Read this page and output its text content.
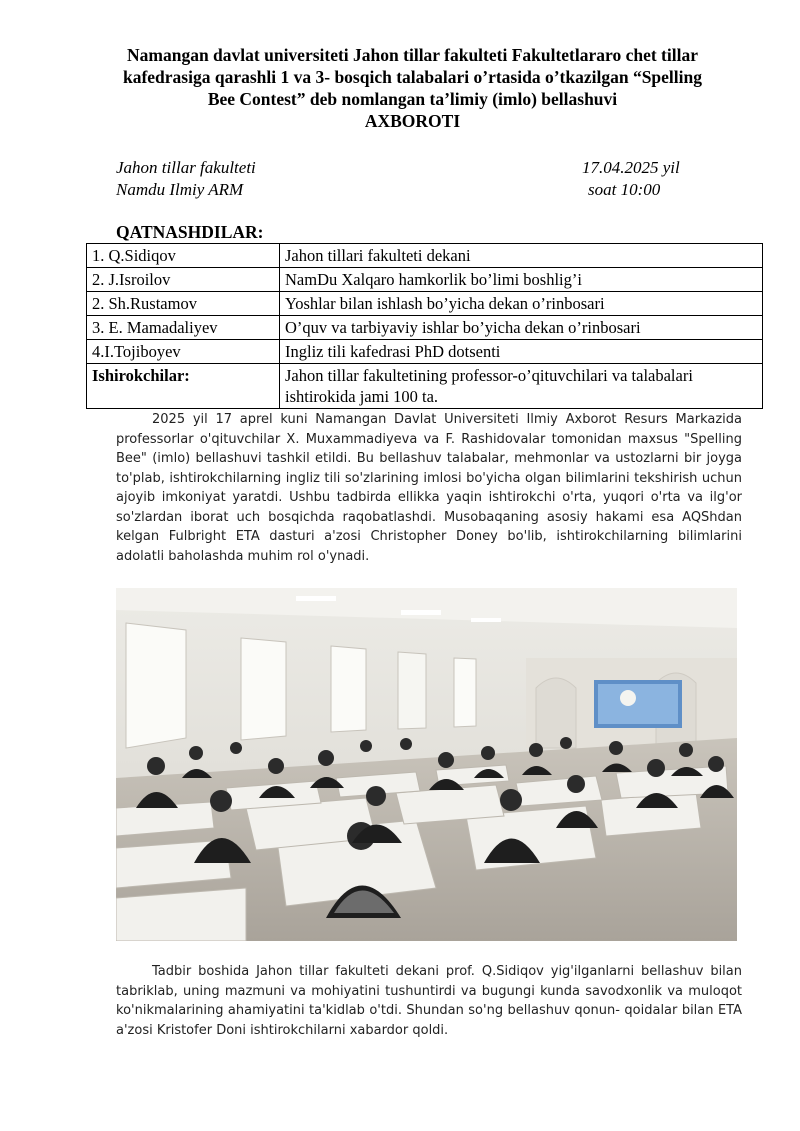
Namangan davlat universiteti Jahon tillar fakulteti Fakultetlararo chet tillar
kafedrasiga qarashli 1 va 3- bosqich talabalari o’rtasida o’tkazilgan “Spelling
Bee Contest” deb nomlangan ta’limiy (imlo) bellashuvi
AXBOROTI
Jahon tillar fakulteti
Namdu Ilmiy ARM
17.04.2025 yil
soat 10:00
QATNASHDILAR:
1. Q.Sidiqov	Jahon tillari fakulteti dekani
2. J.Isroilov	NamDu Xalqaro hamkorlik bo’limi boshlig’i
2. Sh.Rustamov	Yoshlar bilan ishlash bo’yicha dekan o’rinbosari
3. E. Mamadaliyev	O’quv va tarbiyaviy ishlar bo’yicha dekan o’rinbosari
4.I.Tojiboyev	Ingliz tili kafedrasi PhD dotsenti
Ishirokchilar:	Jahon tillar fakultetining professor-o’qituvchilari va talabalari ishtirokida jami 100 ta.

2025 yil 17 aprel kuni Namangan Davlat Universiteti Ilmiy Axborot Resurs Markazida professorlar o'qituvchilar X. Muxammadiyeva va F. Rashidovalar tomonidan maxsus "Spelling Bee" (imlo) bellashuvi tashkil etildi. Bu bellashuv talabalar, mehmonlar va ustozlarni bir joyga to'plab, ishtirokchilarning ingliz tili so'zlarining imlosi bo'yicha olgan bilimlarini tekshirish uchun ajoyib imkoniyat yaratdi. Ushbu tadbirda ellikka yaqin ishtirokchi o'rta, yuqori o'rta va ilg'or so'zlardan iborat uch bosqichda raqobatlashdi. Musobaqaning asosiy hakami esa AQShdan kelgan Fulbright ETA dasturi a'zosi Christopher Doney bo'lib, ishtirokchilarning bilimlarini adolatli baholashda muhim rol o'ynadi.

Tadbir boshida Jahon tillar fakulteti dekani prof. Q.Sidiqov yig'ilganlarni bellashuv bilan tabriklab, uning mazmuni va mohiyatini tushuntirdi va bugungi kunda savodxonlik va muloqot ko'nikmalarining ahamiyatini ta'kidlab o'tdi. Shundan so'ng bellashuv qonun- qoidalar bilan ETA a'zosi Kristofer Doni ishtirokchilarni xabardor qoldi.
